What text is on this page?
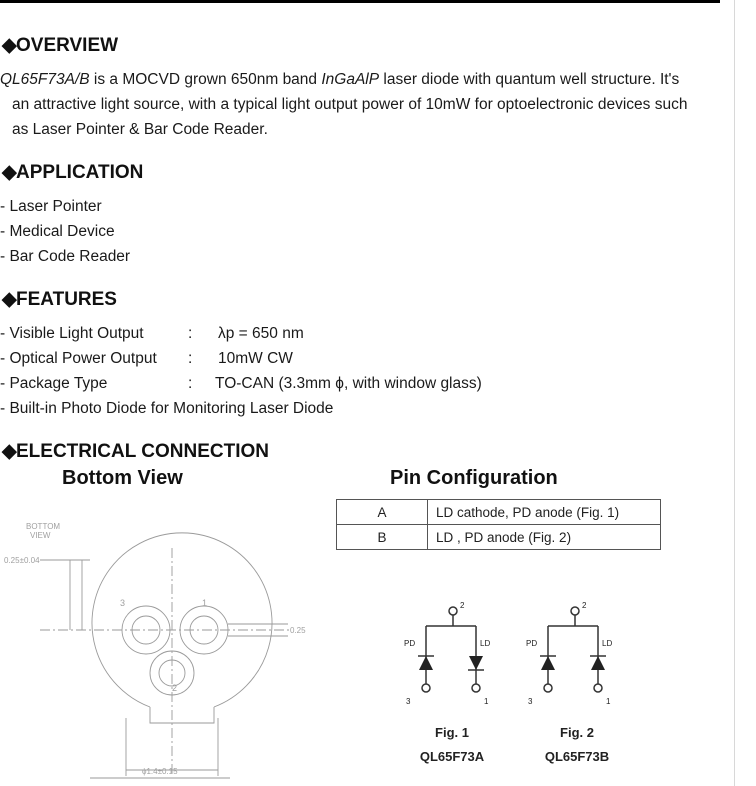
◆OVERVIEW
QL65F73A/B is a MOCVD grown 650nm band InGaAlP laser diode with quantum well structure. It's
an attractive light source, with a typical light output power of 10mW for optoelectronic devices such
as Laser Pointer & Bar Code Reader.
◆APPLICATION
- Laser Pointer
- Medical Device
- Bar Code Reader
◆FEATURES
- Visible Light Output	: λp = 650 nm
- Optical Power Output : 10mW CW
- Package Type	: TO-CAN (3.3mm ϕ, with window glass)
- Built-in Photo Diode for Monitoring Laser Diode
◆ELECTRICAL CONNECTION
Bottom View	Pin Configuration
A	LD cathode, PD anode (Fig. 1)
B	LD , PD anode (Fig. 2)
BOTTOM
VIEW
0.25±0.04
0.25
ϕ1.4±0.15
3	1
2
PD	LD
2
3	1
PD	LD
2
3	1
Fig. 1
QL65F73A
Fig. 2
QL65F73B
